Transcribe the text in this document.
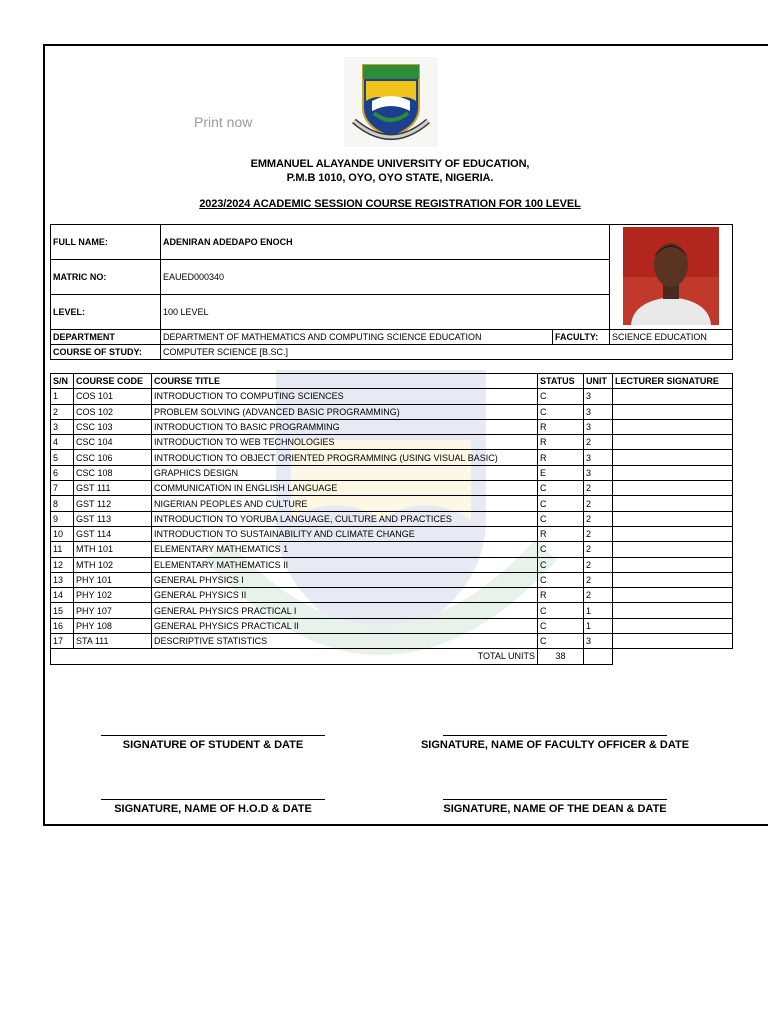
Print now
EMMANUEL ALAYANDE UNIVERSITY OF EDUCATION,
P.M.B 1010, OYO, OYO STATE, NIGERIA.
2023/2024 ACADEMIC SESSION COURSE REGISTRATION FOR 100 LEVEL
FULL NAME:	ADENIRAN ADEDAPO ENOCH	
MATRIC NO:	EAUED000340		
LEVEL:	100 LEVEL		
DEPARTMENT	DEPARTMENT OF MATHEMATICS AND COMPUTING SCIENCE EDUCATION	FACULTY:	SCIENCE EDUCATION
COURSE OF STUDY:	COMPUTER SCIENCE [B.SC.]		
S/N	COURSE CODE	COURSE TITLE	STATUS	UNIT	LECTURER SIGNATURE
1	COS 101	INTRODUCTION TO COMPUTING SCIENCES	C	3	
2	COS 102	PROBLEM SOLVING (ADVANCED BASIC PROGRAMMING)	C	3	
3	CSC 103	INTRODUCTION TO BASIC PROGRAMMING	R	3	
4	CSC 104	INTRODUCTION TO WEB TECHNOLOGIES	R	2	
5	CSC 106	INTRODUCTION TO OBJECT ORIENTED PROGRAMMING (USING VISUAL BASIC)	R	3	
6	CSC 108	GRAPHICS DESIGN	E	3	
7	GST 111	COMMUNICATION IN ENGLISH LANGUAGE	C	2	
8	GST 112	NIGERIAN PEOPLES AND CULTURE	C	2	
9	GST 113	INTRODUCTION TO YORUBA LANGUAGE, CULTURE AND PRACTICES	C	2	
10	GST 114	INTRODUCTION TO SUSTAINABILITY AND CLIMATE CHANGE	R	2	
11	MTH 101	ELEMENTARY MATHEMATICS 1	C	2	
12	MTH 102	ELEMENTARY MATHEMATICS II	C	2	
13	PHY 101	GENERAL PHYSICS I	C	2	
14	PHY 102	GENERAL PHYSICS II	R	2	
15	PHY 107	GENERAL PHYSICS PRACTICAL I	C	1	
16	PHY 108	GENERAL PHYSICS PRACTICAL II	C	1	
17	STA 111	DESCRIPTIVE STATISTICS	C	3	
TOTAL UNITS			38		
SIGNATURE OF STUDENT & DATE	SIGNATURE, NAME OF FACULTY OFFICER & DATE
SIGNATURE, NAME OF H.O.D & DATE	SIGNATURE, NAME OF THE DEAN & DATE
